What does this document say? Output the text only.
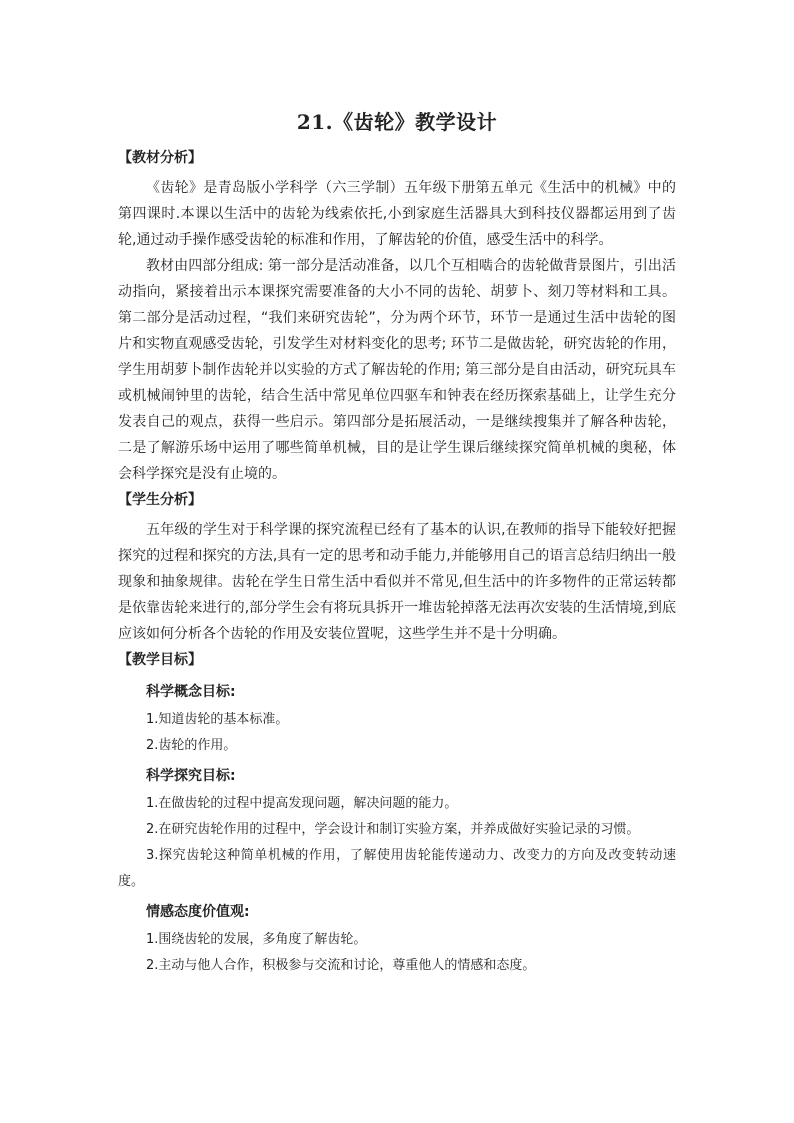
21.《齿轮》教学设计
【教材分析】

《齿轮》是青岛版小学科学（六三学制）五年级下册第五单元《生活中的机械》中的第四课时.本课以生活中的齿轮为线索依托,小到家庭生活器具大到科技仪器都运用到了齿轮,通过动手操作感受齿轮的标准和作用，了解齿轮的价值，感受生活中的科学。

教材由四部分组成: 第一部分是活动准备，以几个互相啮合的齿轮做背景图片，引出活动指向，紧接着出示本课探究需要准备的大小不同的齿轮、胡萝卜、刻刀等材料和工具。第二部分是活动过程，“我们来研究齿轮”，分为两个环节，环节一是通过生活中齿轮的图片和实物直观感受齿轮，引发学生对材料变化的思考; 环节二是做齿轮，研究齿轮的作用，学生用胡萝卜制作齿轮并以实验的方式了解齿轮的作用; 第三部分是自由活动，研究玩具车或机械闹钟里的齿轮，结合生活中常见单位四驱车和钟表在经历探索基础上，让学生充分发表自己的观点，获得一些启示。第四部分是拓展活动，一是继续搜集并了解各种齿轮，二是了解游乐场中运用了哪些简单机械，目的是让学生课后继续探究简单机械的奥秘，体会科学探究是没有止境的。

【学生分析】

五年级的学生对于科学课的探究流程已经有了基本的认识,在教师的指导下能较好把握探究的过程和探究的方法,具有一定的思考和动手能力,并能够用自己的语言总结归纳出一般现象和抽象规律。齿轮在学生日常生活中看似并不常见,但生活中的许多物件的正常运转都是依靠齿轮来进行的,部分学生会有将玩具拆开一堆齿轮掉落无法再次安装的生活情境,到底应该如何分析各个齿轮的作用及安装位置呢，这些学生并不是十分明确。

【教学目标】
科学概念目标:

1.知道齿轮的基本标准。

2.齿轮的作用。

科学探究目标:

1.在做齿轮的过程中提高发现问题，解决问题的能力。

2.在研究齿轮作用的过程中，学会设计和制订实验方案，并养成做好实验记录的习惯。

3.探究齿轮这种简单机械的作用，了解使用齿轮能传递动力、改变力的方向及改变转动速度。

情感态度价值观:

1.围绕齿轮的发展，多角度了解齿轮。

2.主动与他人合作，积极参与交流和讨论，尊重他人的情感和态度。
